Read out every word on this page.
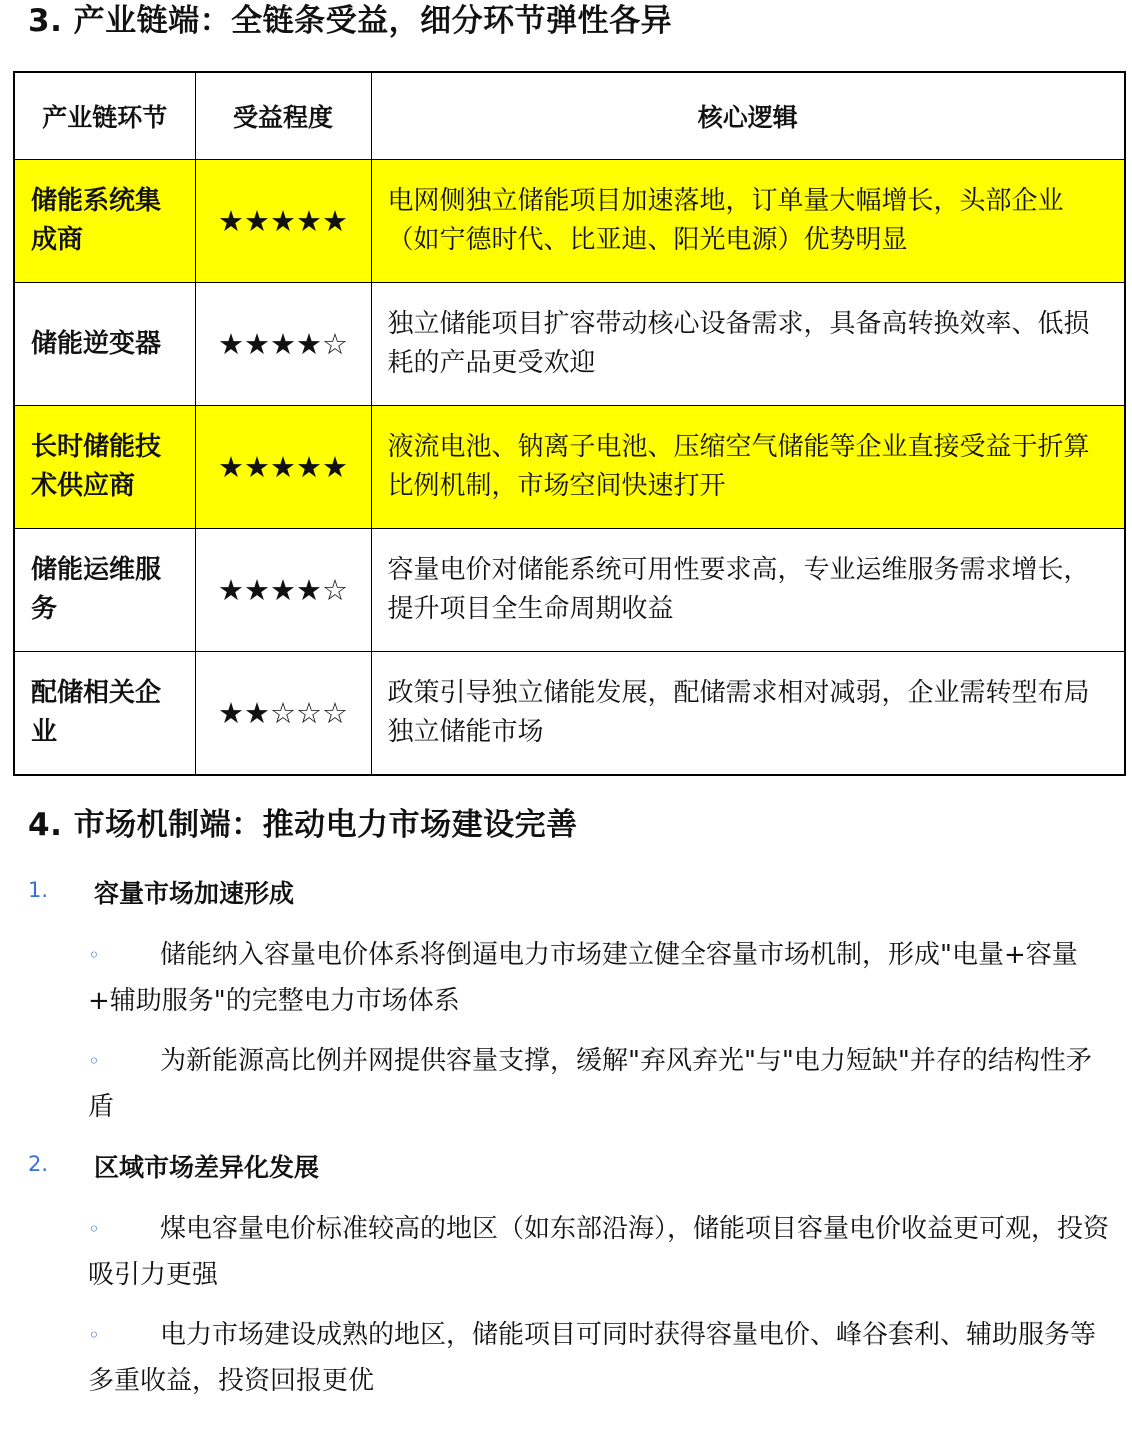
3. 产业链端：全链条受益，细分环节弹性各异
产业链环节	受益程度	核心逻辑
储能系统集成商	★★★★★	电网侧独立储能项目加速落地，订单量大幅增长，头部企业（如宁德时代、比亚迪、阳光电源）优势明显
储能逆变器	★★★★☆	独立储能项目扩容带动核心设备需求，具备高转换效率、低损耗的产品更受欢迎
长时储能技术供应商	★★★★★	液流电池、钠离子电池、压缩空气储能等企业直接受益于折算比例机制，市场空间快速打开
储能运维服务	★★★★☆	容量电价对储能系统可用性要求高，专业运维服务需求增长，提升项目全生命周期收益
配储相关企业	★★☆☆☆	政策引导独立储能发展，配储需求相对减弱，企业需转型布局独立储能市场
4. 市场机制端：推动电力市场建设完善
1. 容量市场加速形成
◦	储能纳入容量电价体系将倒逼电力市场建立健全容量市场机制，形成"电量+容量+辅助服务"的完整电力市场体系
◦	为新能源高比例并网提供容量支撑，缓解"弃风弃光"与"电力短缺"并存的结构性矛盾
2. 区域市场差异化发展
◦	煤电容量电价标准较高的地区（如东部沿海），储能项目容量电价收益更可观，投资吸引力更强
◦	电力市场建设成熟的地区，储能项目可同时获得容量电价、峰谷套利、辅助服务等多重收益，投资回报更优
